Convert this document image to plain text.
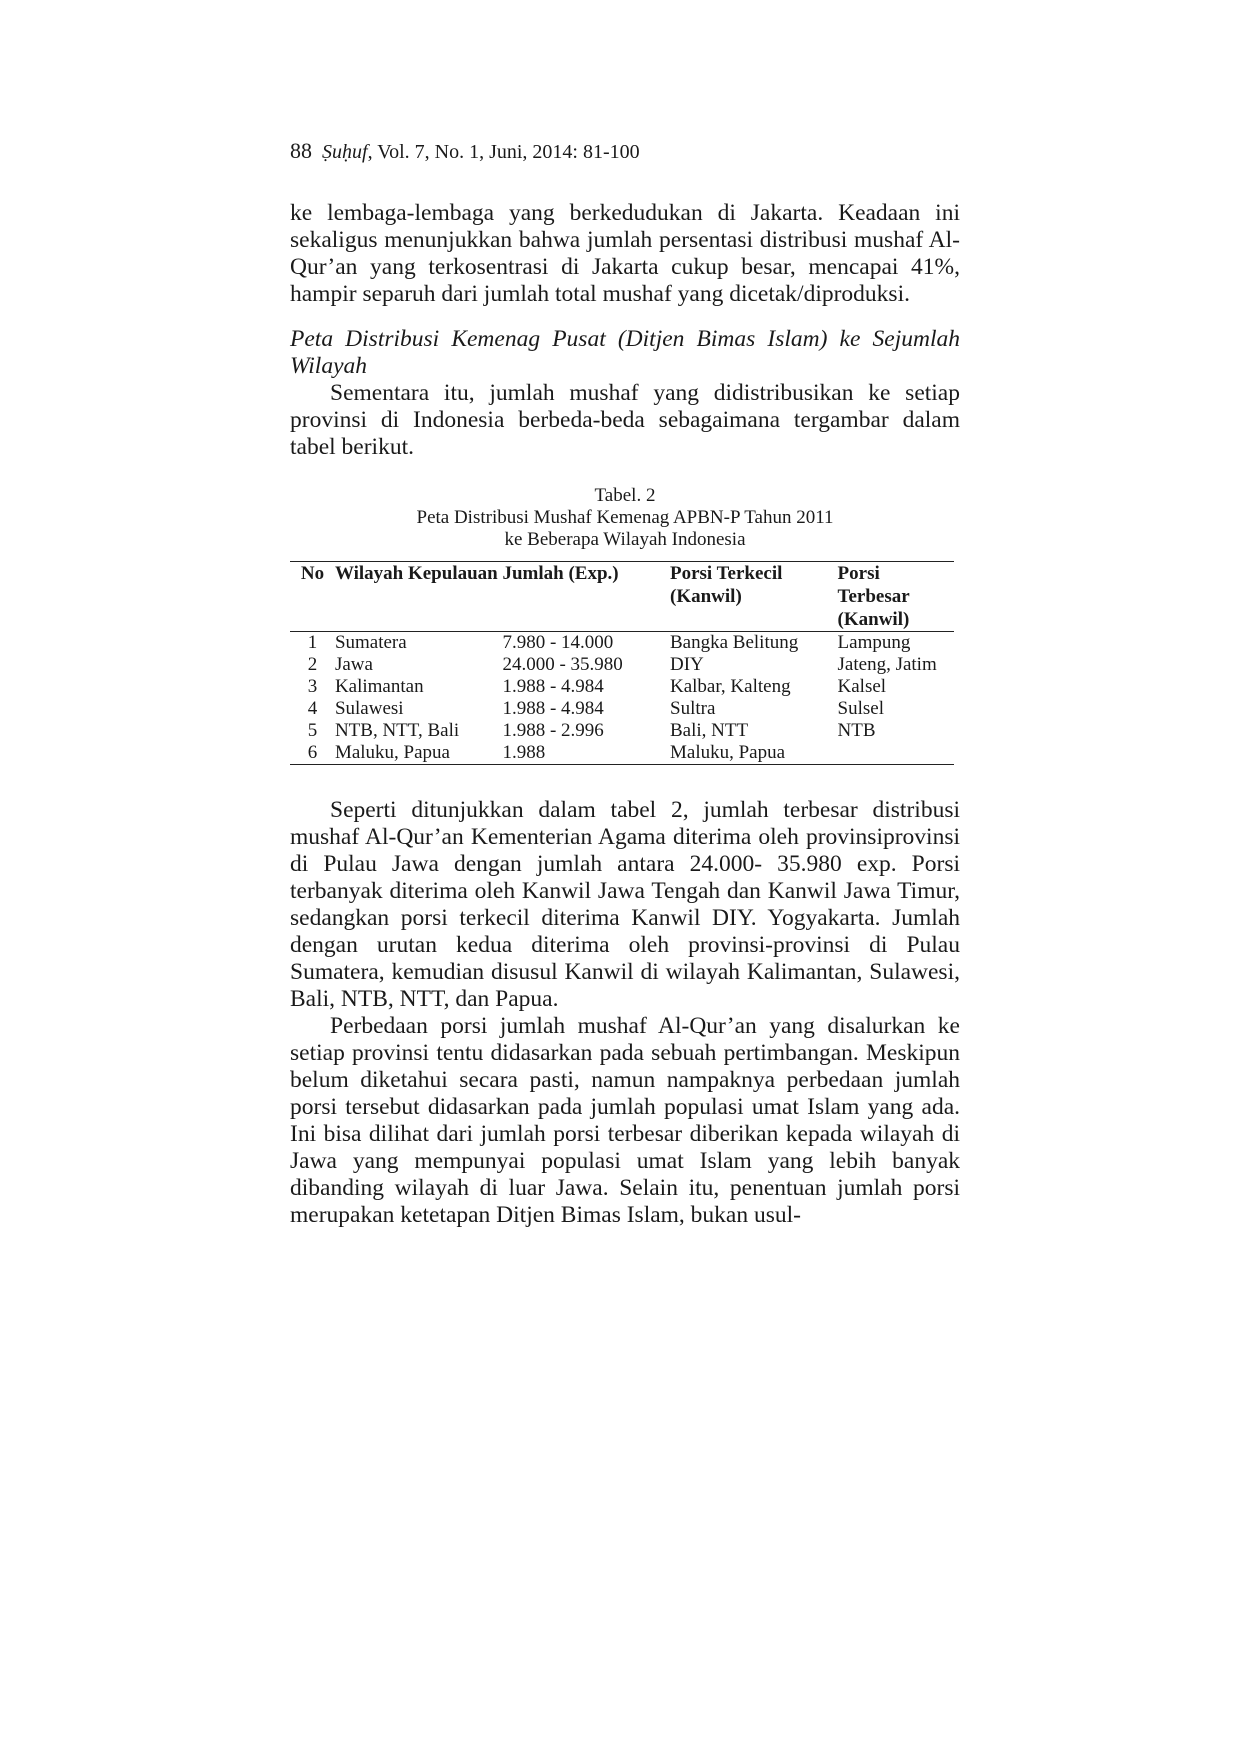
88 Ṣuḥuf, Vol. 7, No. 1, Juni, 2014: 81-100

ke lembaga-lembaga yang berkedudukan di Jakarta. Keadaan ini sekaligus menunjukkan bahwa jumlah persentasi distribusi mushaf Al-Qur’an yang terkosentrasi di Jakarta cukup besar, mencapai 41%, hampir separuh dari jumlah total mushaf yang dicetak/diproduksi.

Peta Distribusi Kemenag Pusat (Ditjen Bimas Islam) ke Sejumlah Wilayah

Sementara itu, jumlah mushaf yang didistribusikan ke setiap provinsi di Indonesia berbeda-beda sebagaimana tergambar dalam tabel berikut.

Tabel. 2
Peta Distribusi Mushaf Kemenag APBN-P Tahun 2011
ke Beberapa Wilayah Indonesia
No	Wilayah Kepulauan	Jumlah (Exp.)	Porsi Terkecil (Kanwil)	Porsi Terbesar (Kanwil)
1	Sumatera	7.980 - 14.000	Bangka Belitung	Lampung
2	Jawa	24.000 - 35.980	DIY	Jateng, Jatim
3	Kalimantan	1.988 - 4.984	Kalbar, Kalteng	Kalsel
4	Sulawesi	1.988 - 4.984	Sultra	Sulsel
5	NTB, NTT, Bali	1.988 - 2.996	Bali, NTT	NTB
6	Maluku, Papua	1.988	Maluku, Papua	

Seperti ditunjukkan dalam tabel 2, jumlah terbesar distribusi mushaf Al-Qur’an Kementerian Agama diterima oleh provinsiprovinsi di Pulau Jawa dengan jumlah antara 24.000- 35.980 exp. Porsi terbanyak diterima oleh Kanwil Jawa Tengah dan Kanwil Jawa Timur, sedangkan porsi terkecil diterima Kanwil DIY. Yogyakarta. Jumlah dengan urutan kedua diterima oleh provinsi-provinsi di Pulau Sumatera, kemudian disusul Kanwil di wilayah Kalimantan, Sulawesi, Bali, NTB, NTT, dan Papua.

Perbedaan porsi jumlah mushaf Al-Qur’an yang disalurkan ke setiap provinsi tentu didasarkan pada sebuah pertimbangan. Meskipun belum diketahui secara pasti, namun nampaknya perbedaan jumlah porsi tersebut didasarkan pada jumlah populasi umat Islam yang ada. Ini bisa dilihat dari jumlah porsi terbesar diberikan kepada wilayah di Jawa yang mempunyai populasi umat Islam yang lebih banyak dibanding wilayah di luar Jawa. Selain itu, penentuan jumlah porsi merupakan ketetapan Ditjen Bimas Islam, bukan usul-
